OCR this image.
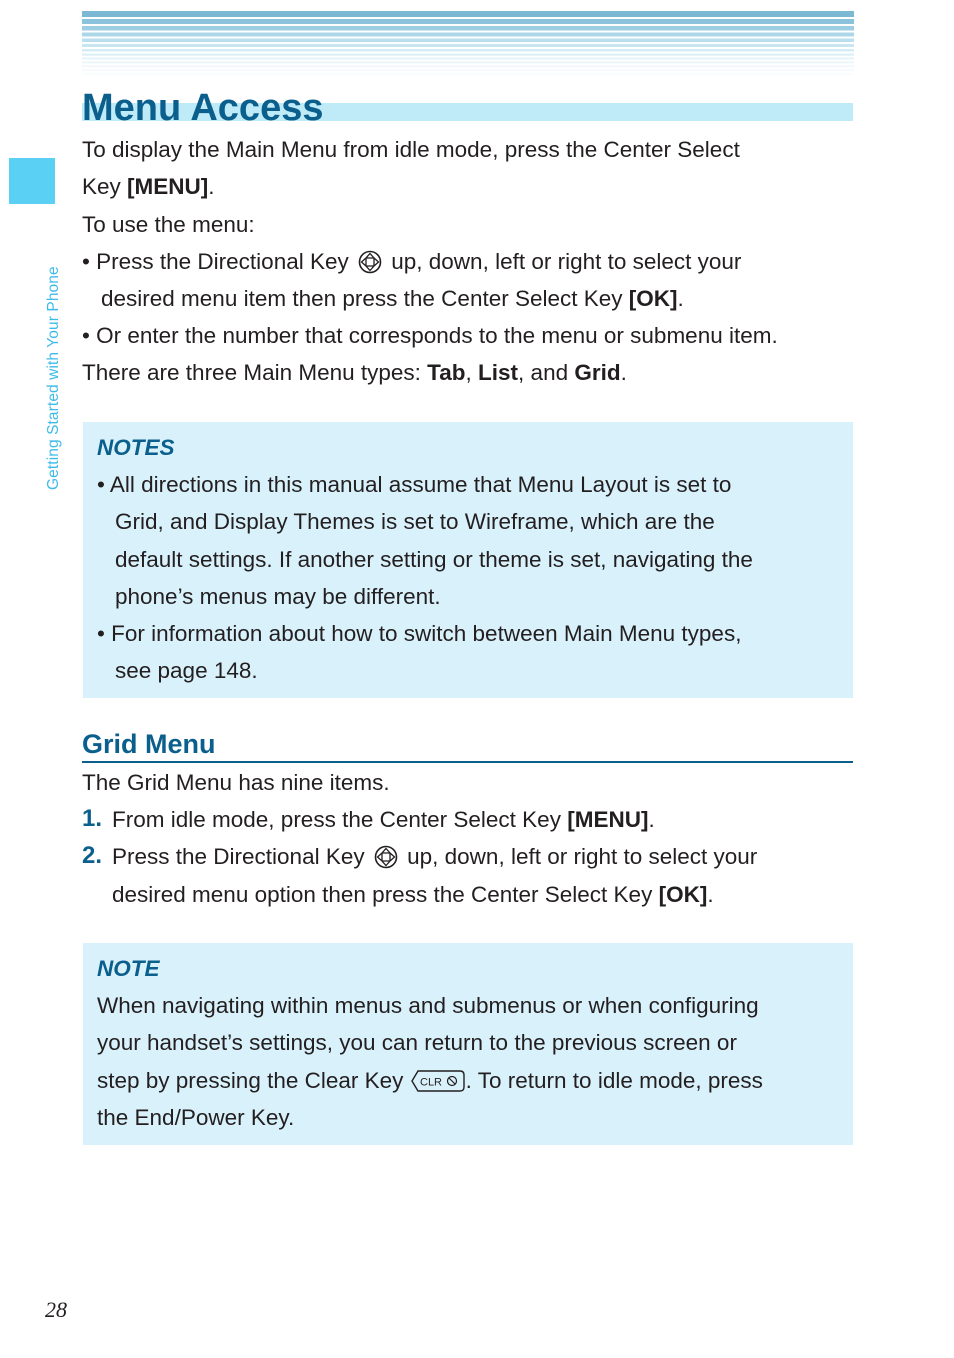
Getting Started with Your Phone
Menu Access

To display the Main Menu from idle mode, press the Center Select

Key [MENU].

To use the menu:

• Press the Directional Key  up, down, left or right to select your

desired menu item then press the Center Select Key [OK].

• Or enter the number that corresponds to the menu or submenu item.

There are three Main Menu types: Tab, List, and Grid.

NOTES

• All directions in this manual assume that Menu Layout is set to

Grid, and Display Themes is set to Wireframe, which are the

default settings. If another setting or theme is set, navigating the

phone’s menus may be different.

• For information about how to switch between Main Menu types,

see page 148.

Grid Menu

The Grid Menu has nine items.

1. From idle mode, press the Center Select Key [MENU].

2. Press the Directional Key  up, down, left or right to select your

desired menu option then press the Center Select Key [OK].

NOTE

When navigating within menus and submenus or when configuring

your handset’s settings, you can return to the previous screen or

step by pressing the Clear Key CLR . To return to idle mode, press

the End/Power Key.

28
